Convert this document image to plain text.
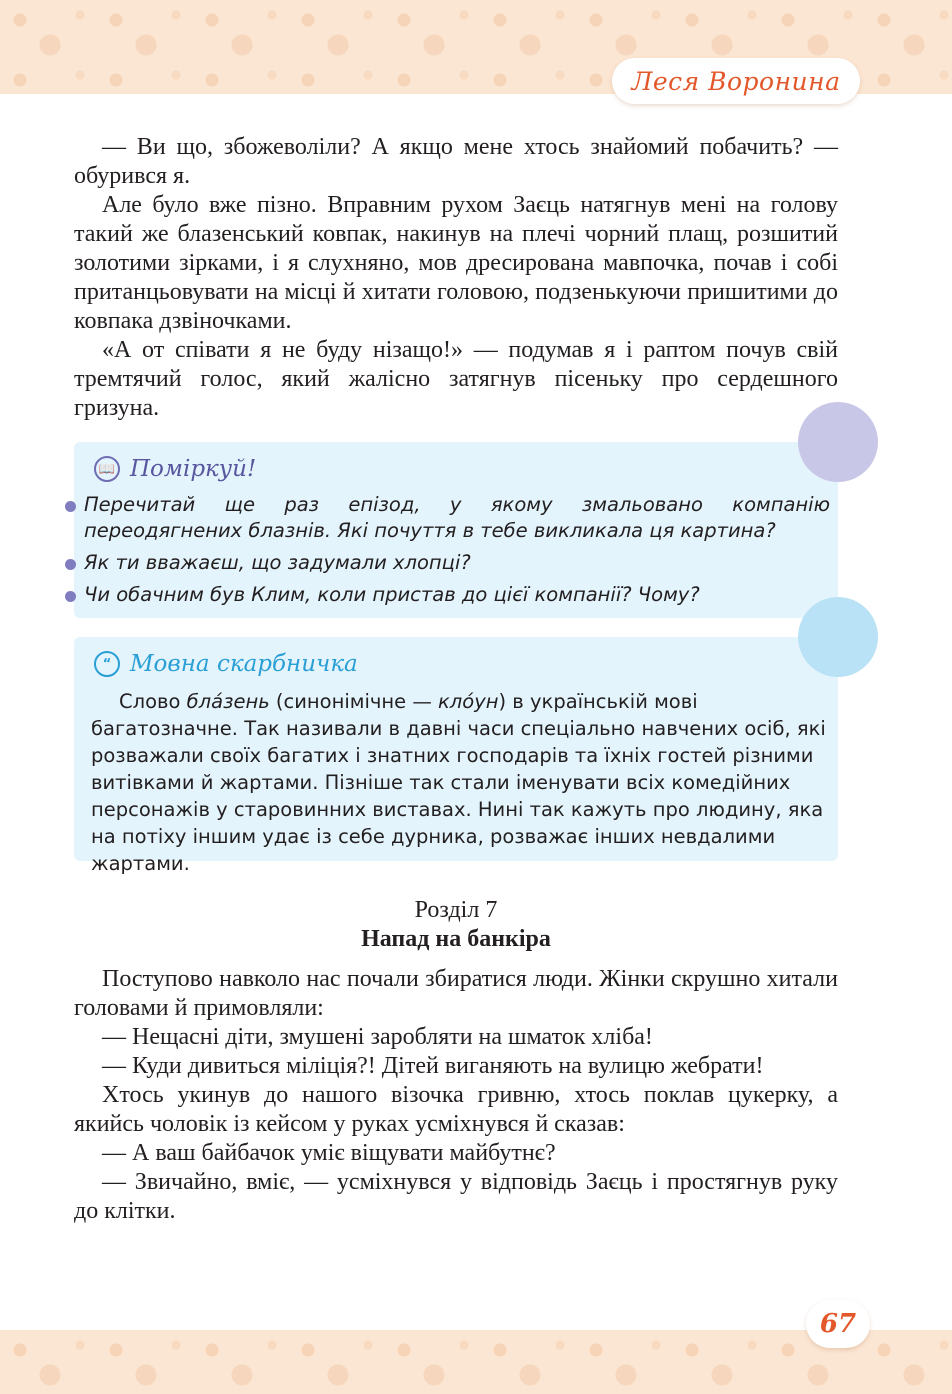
Леся Воронина

— Ви що, збожеволіли? А якщо мене хтось знайомий побачить? — обурився я.

Але було вже пізно. Вправним рухом Заєць натягнув мені на голову такий же блазенський ковпак, накинув на плечі чорний плащ, розшитий золотими зірками, і я слухняно, мов дресирована мавпочка, почав і собі пританцьовувати на місці й хитати головою, подзенькуючи пришитими до ковпака дзвіночками.

«А от співати я не буду нізащо!» — подумав я і раптом почув свій тремтячий голос, який жалісно затягнув пісеньку про сердешного гризуна.

📖 Поміркуй!
Перечитай ще раз епізод, у якому змальовано компанію переодягнених блазнів. Які почуття в тебе викликала ця картина?
Як ти вважаєш, що задумали хлопці?
Чи обачним був Клим, коли пристав до цієї компанії? Чому?
“ Мовна скарбничка
Слово бла́зень (синонімічне — кло́ун) в українській мові багатозначне. Так називали в давні часи спеціально навчених осіб, які розважали своїх багатих і знатних господарів та їхніх гостей різними витівками й жартами. Пізніше так стали іменувати всіх комедійних персонажів у старовинних виставах. Нині так кажуть про людину, яка на потіху іншим удає із себе дурника, розважає інших невдалими жартами.
Розділ 7
Напад на банкіра

Поступово навколо нас почали збиратися люди. Жінки скрушно хитали головами й примовляли:

— Нещасні діти, змушені заробляти на шматок хліба!

— Куди дивиться міліція?! Дітей виганяють на вулицю жебрати!

Хтось укинув до нашого візочка гривню, хтось поклав цукерку, а якийсь чоловік із кейсом у руках усміхнувся й сказав:

— А ваш байбачок уміє віщувати майбутнє?

— Звичайно, вміє, — усміхнувся у відповідь Заєць і простягнув руку до клітки.

67
